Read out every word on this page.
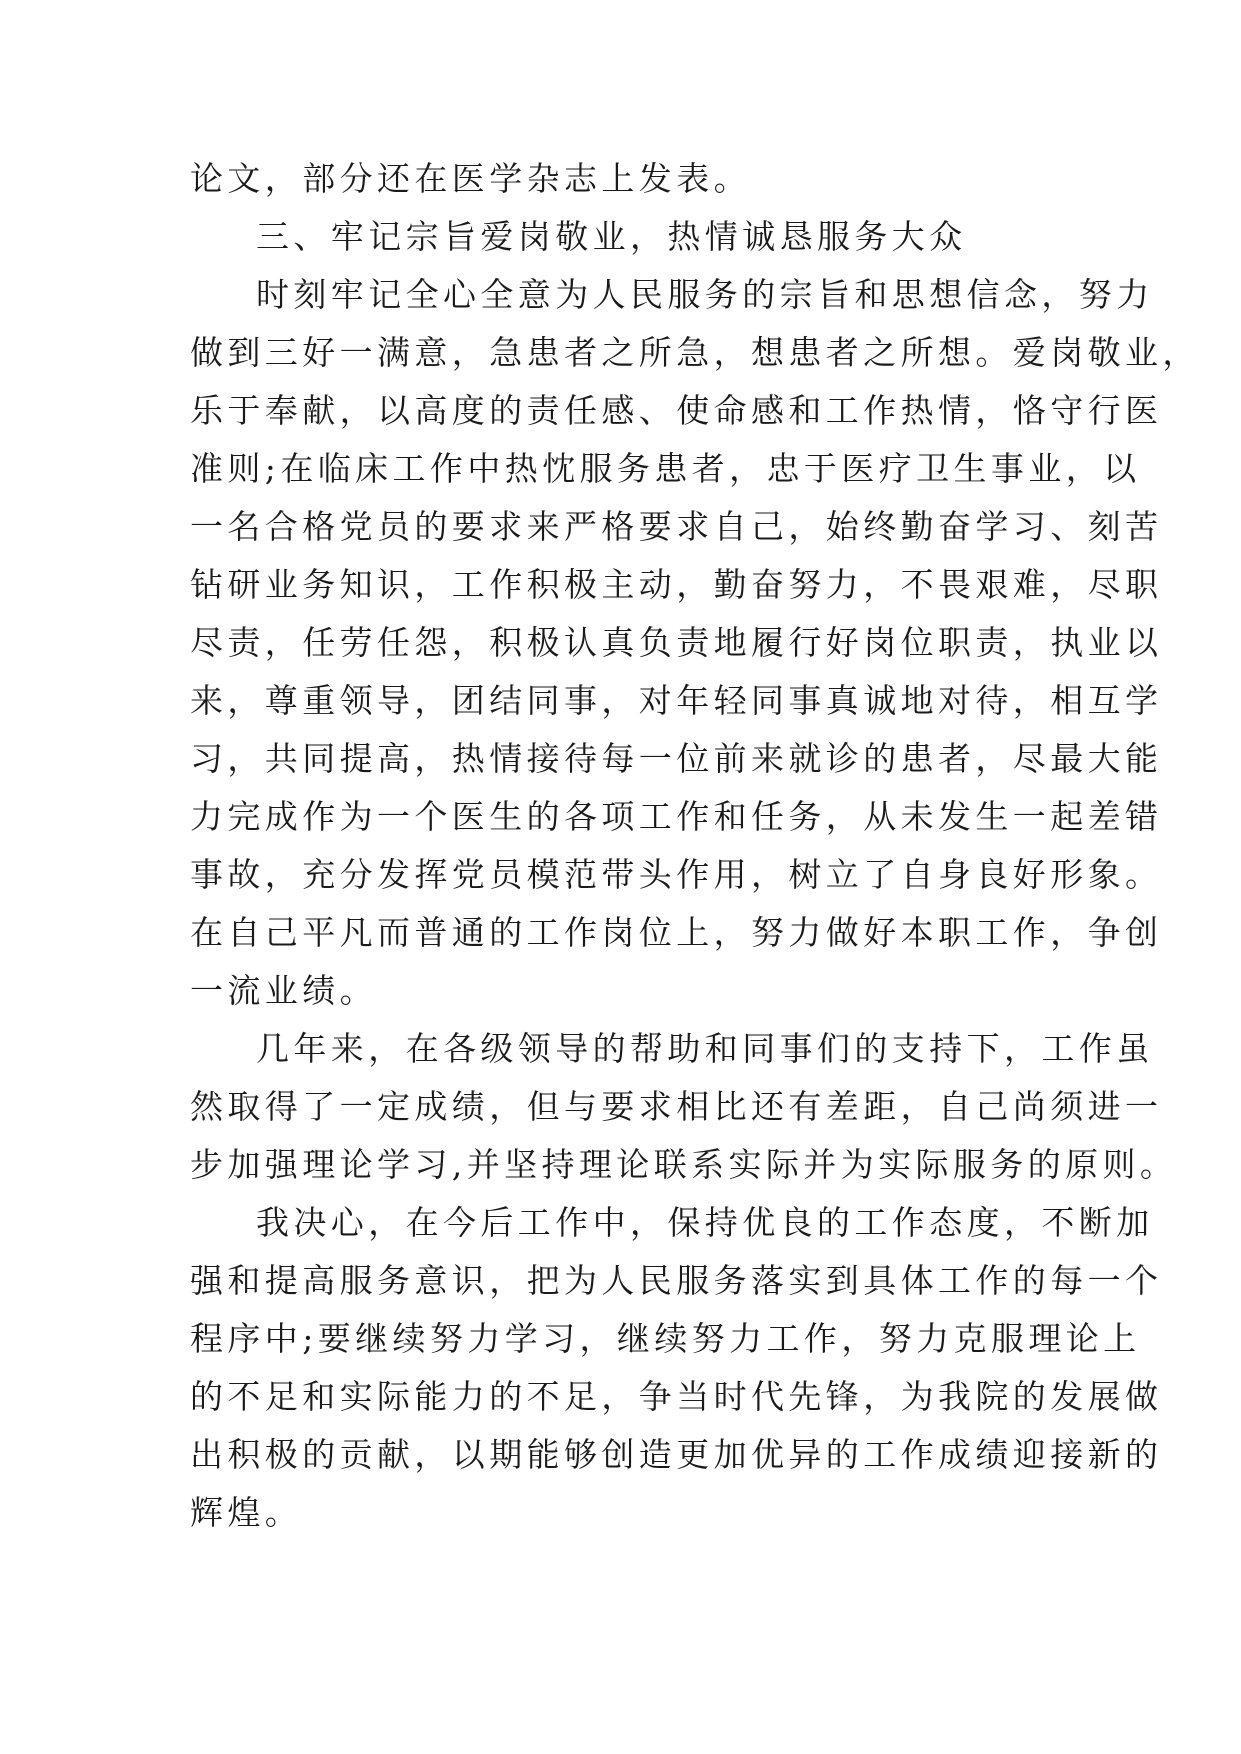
论文，部分还在医学杂志上发表。
三、牢记宗旨爱岗敬业，热情诚恳服务大众
时刻牢记全心全意为人民服务的宗旨和思想信念，努力
做到三好一满意，急患者之所急，想患者之所想。爱岗敬业，
乐于奉献，以高度的责任感、使命感和工作热情，恪守行医
准则;在临床工作中热忱服务患者，忠于医疗卫生事业，以
一名合格党员的要求来严格要求自己，始终勤奋学习、刻苦
钻研业务知识，工作积极主动，勤奋努力，不畏艰难，尽职
尽责，任劳任怨，积极认真负责地履行好岗位职责，执业以
来，尊重领导，团结同事，对年轻同事真诚地对待，相互学
习，共同提高，热情接待每一位前来就诊的患者，尽最大能
力完成作为一个医生的各项工作和任务，从未发生一起差错
事故，充分发挥党员模范带头作用，树立了自身良好形象。
在自己平凡而普通的工作岗位上，努力做好本职工作，争创
一流业绩。
几年来，在各级领导的帮助和同事们的支持下，工作虽
然取得了一定成绩，但与要求相比还有差距，自己尚须进一
步加强理论学习,并坚持理论联系实际并为实际服务的原则。
我决心，在今后工作中，保持优良的工作态度，不断加
强和提高服务意识，把为人民服务落实到具体工作的每一个
程序中;要继续努力学习，继续努力工作，努力克服理论上
的不足和实际能力的不足，争当时代先锋，为我院的发展做
出积极的贡献，以期能够创造更加优异的工作成绩迎接新的
辉煌。
